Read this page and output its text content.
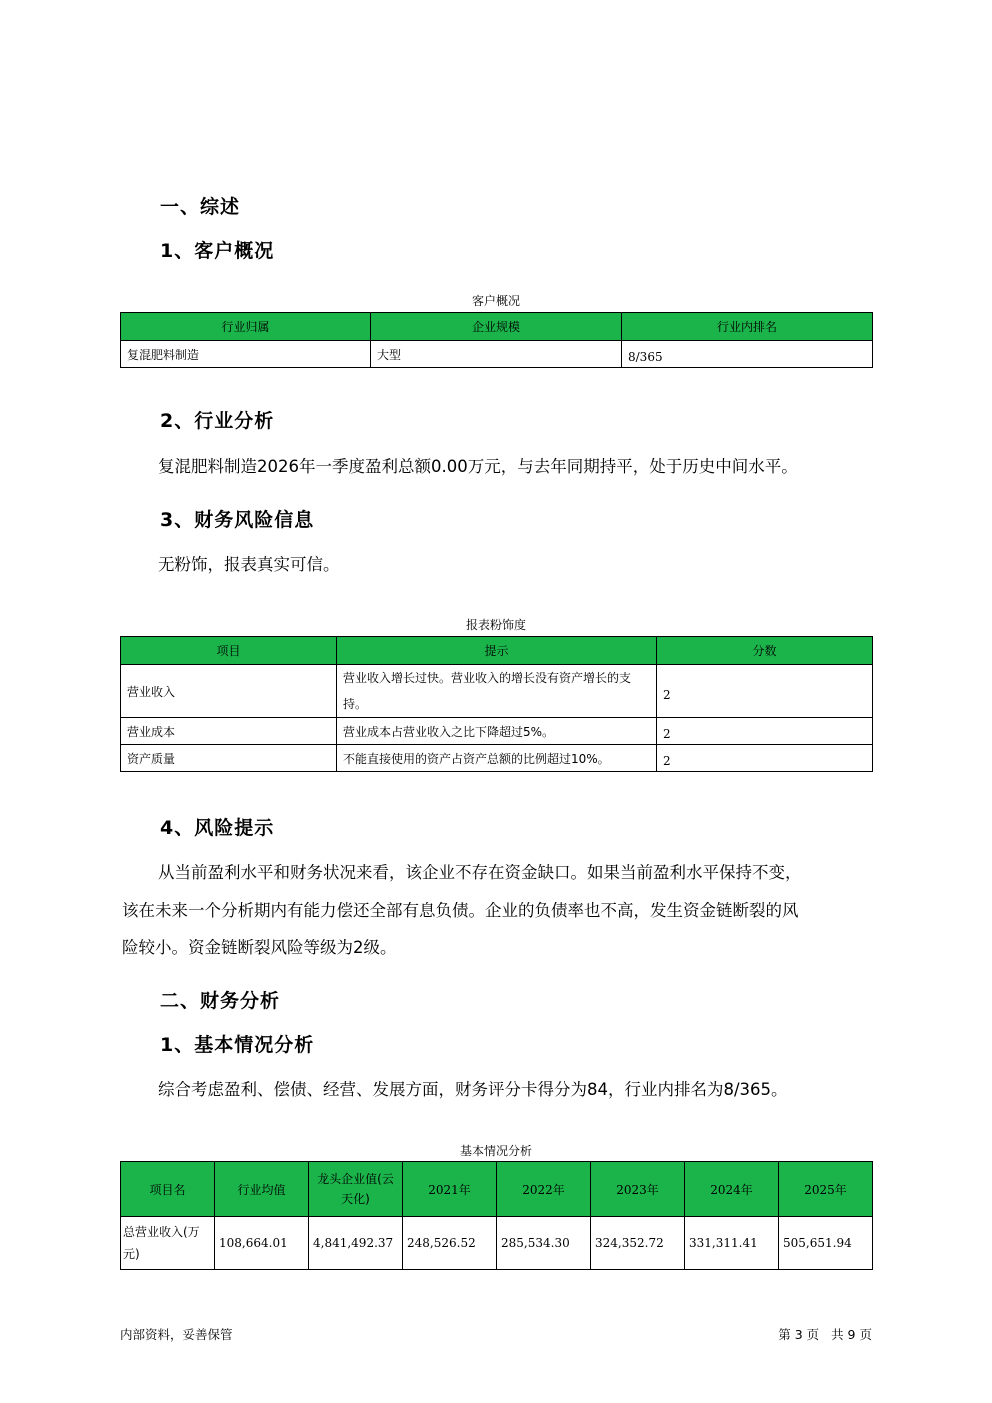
一、综述
1、客户概况
客户概况
行业归属	企业规模	行业内排名
复混肥料制造	大型	8/365
2、行业分析
复混肥料制造2026年一季度盈利总额0.00万元，与去年同期持平，处于历史中间水平。
3、财务风险信息
无粉饰，报表真实可信。
报表粉饰度
项目	提示	分数
营业收入	营业收入增长过快。营业收入的增长没有资产增长的支持。	2
营业成本	营业成本占营业收入之比下降超过5%。	2
资产质量	不能直接使用的资产占资产总额的比例超过10%。	2
4、风险提示
从当前盈利水平和财务状况来看，该企业不存在资金缺口。如果当前盈利水平保持不变，
该在未来一个分析期内有能力偿还全部有息负债。企业的负债率也不高，发生资金链断裂的风
险较小。资金链断裂风险等级为2级。
二、财务分析
1、基本情况分析
综合考虑盈利、偿债、经营、发展方面，财务评分卡得分为84，行业内排名为8/365。
基本情况分析
项目名	行业均值	龙头企业值(云天化)	2021年	2022年	2023年	2024年	2025年
总营业收入(万元)	108,664.01	4,841,492.37	248,526.52	285,534.30	324,352.72	331,311.41	505,651.94
内部资料，妥善保管	第 3 页   共 9 页
